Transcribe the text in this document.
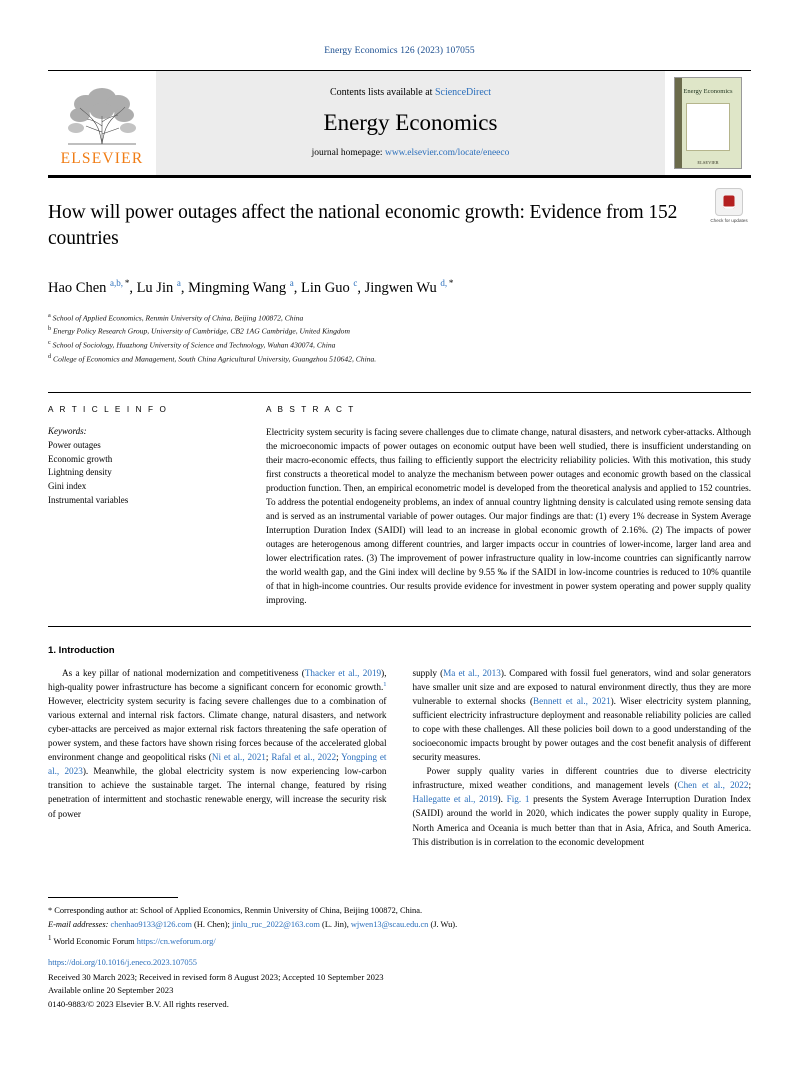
Energy Economics 126 (2023) 107055
ELSEVIER
Contents lists available at ScienceDirect
Energy Economics
journal homepage: www.elsevier.com/locate/eneeco
Energy Economics
ELSEVIER
Check for updates
How will power outages affect the national economic growth: Evidence from 152 countries
Hao Chen $^{a,b, *}$, Lu Jin $^a$, Mingming Wang $^a$, Lin Guo $^c$, Jingwen Wu $^{d, *}$
$^a$ School of Applied Economics, Renmin University of China, Beijing 100872, China
$^b$ Energy Policy Research Group, University of Cambridge, CB2 1AG Cambridge, United Kingdom
$^c$ School of Sociology, Huazhong University of Science and Technology, Wuhan 430074, China
$^d$ College of Economics and Management, South China Agricultural University, Guangzhou 510642, China.
A R T I C L E I N F O
Keywords:
Power outages
Economic growth
Lightning density
Gini index
Instrumental variables
A B S T R A C T
Electricity system security is facing severe challenges due to climate change, natural disasters, and network cyber-attacks. Although the microeconomic impacts of power outages on economic output have been well studied, there is insufficient understanding on their macro-economic effects, thus failing to efficiently support the electricity reliability policies. With this motivation, this study first constructs a theoretical model to analyze the mechanism between power outages and economic growth based on the classical production function. Then, an empirical econometric model is developed from the theoretical analysis and applied to 152 countries. To address the potential endogeneity problems, an index of annual country lightning density is calculated using remote sensing data and is served as an instrumental variable of power outages. Our major findings are that: (1) every 1% decrease in System Average Interruption Duration Index (SAIDI) will lead to an increase in global economic growth of 2.16%. (2) The impacts of power outages are heterogenous among different countries, and larger impacts occur in countries of lower-income, larger land area and lower electrification rates. (3) The improvement of power infrastructure quality in low-income countries can significantly narrow the world wealth gap, and the Gini index will decline by 9.55 ‰ if the SAIDI in low-income countries is reduced to 10% quantile of that in high-income countries. Our results provide evidence for investment in power system operating and power supply quality improving.
1. Introduction

As a key pillar of national modernization and competitiveness (Thacker et al., 2019), high-quality power infrastructure has become a significant concern for economic growth.$^1$ However, electricity system security is facing severe challenges due to a combination of various external and internal risk factors. Climate change, natural disasters, and network cyber-attacks are perceived as major external risk factors threatening the safe operation of power system, and these factors have shown rising forces because of the accelerated global environment change and geopolitical risks (Ni et al., 2021; Rafal et al., 2022; Yongping et al., 2023). Meanwhile, the global electricity system is now experiencing low-carbon transition to achieve the sustainable target. The internal change, featured by rising penetration of intermittent and stochastic renewable energy, will increase the security risk of power

supply (Ma et al., 2013). Compared with fossil fuel generators, wind and solar generators have smaller unit size and are exposed to natural environment directly, thus they are more vulnerable to external shocks (Bennett et al., 2021). Wiser electricity system planning, sufficient electricity infrastructure deployment and reasonable reliability policies are called to cope with these challenges. All these policies boil down to a good understanding of the socioeconomic impacts brought by power outages and the cost benefit analysis of different security measures.

Power supply quality varies in different countries due to diverse electricity infrastructure, mixed weather conditions, and management levels (Chen et al., 2022; Hallegatte et al., 2019). Fig. 1 presents the System Average Interruption Duration Index (SAIDI) around the world in 2020, which indicates the power supply quality in Europe, North America and Oceania is much better than that in Asia, Africa, and South America. This distribution is in correlation to the economic development

* Corresponding author at: School of Applied Economics, Renmin University of China, Beijing 100872, China.
E-mail addresses: chenhao9133@126.com (H. Chen); jinlu_ruc_2022@163.com (L. Jin), wjwen13@scau.edu.cn (J. Wu).
$^1$ World Economic Forum https://cn.weforum.org/
https://doi.org/10.1016/j.eneco.2023.107055
Received 30 March 2023; Received in revised form 8 August 2023; Accepted 10 September 2023
Available online 20 September 2023
0140-9883/© 2023 Elsevier B.V. All rights reserved.
